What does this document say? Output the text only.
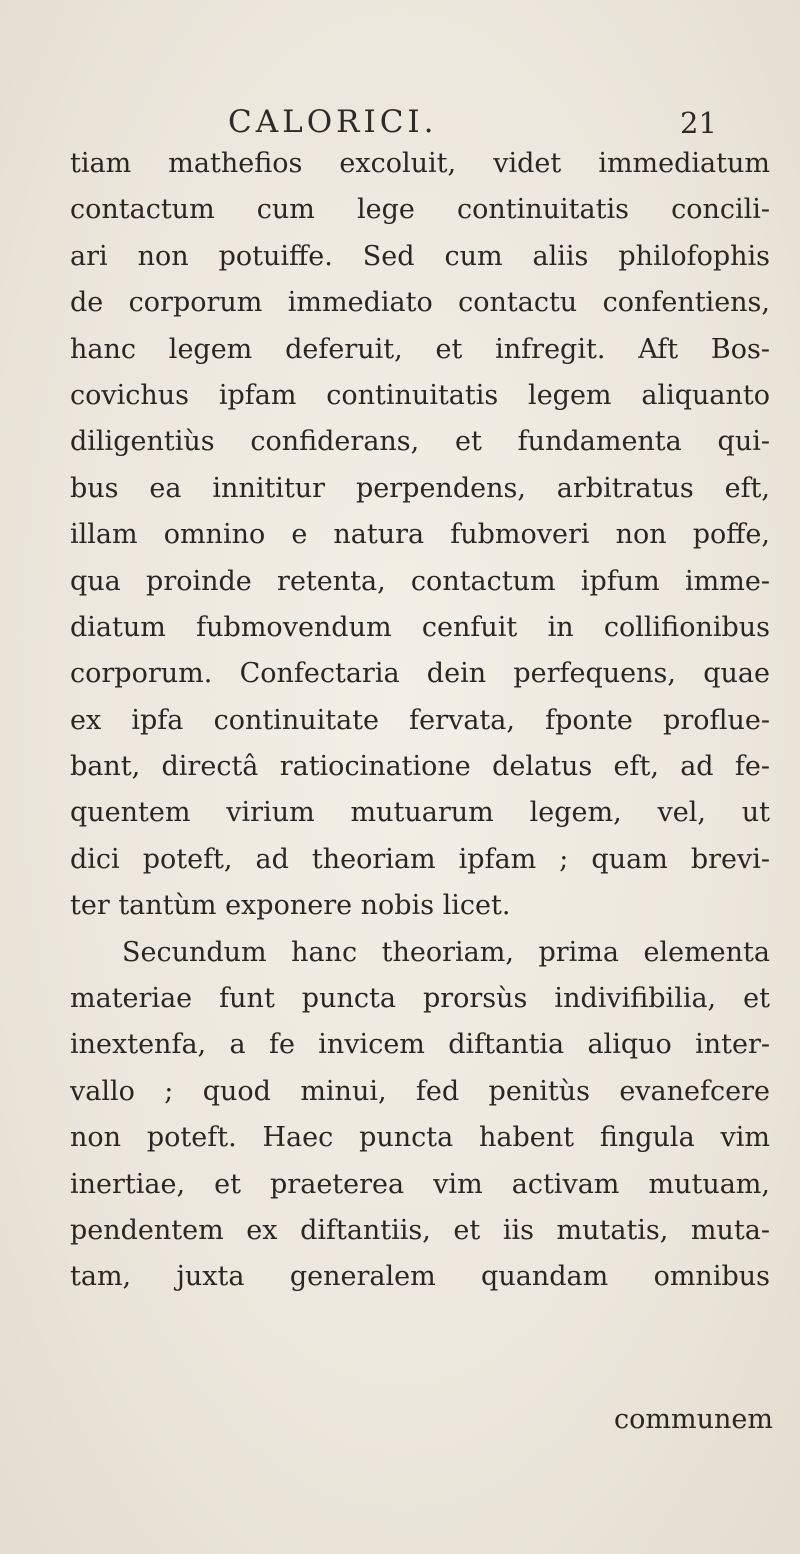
CALORICI.	21
tiam mathefios excoluit, videt immediatum
contactum cum lege continuitatis concili-
ari non potuiffe. Sed cum aliis philofophis
de corporum immediato contactu confentiens,
hanc legem deferuit, et infregit. Aft Bos-
covichus ipfam continuitatis legem aliquanto
diligentiùs confiderans, et fundamenta qui-
bus ea innititur perpendens, arbitratus eft,
illam omnino e natura fubmoveri non poffe,
qua proinde retenta, contactum ipfum imme-
diatum fubmovendum cenfuit in collifionibus
corporum. Confectaria dein perfequens, quae
ex ipfa continuitate fervata, fponte proflue-
bant, directâ ratiocinatione delatus eft, ad fe-
quentem virium mutuarum legem, vel, ut
dici poteft, ad theoriam ipfam ; quam brevi-
ter tantùm exponere nobis licet.
Secundum hanc theoriam, prima elementa
materiae funt puncta prorsùs indivifibilia, et
inextenfa, a fe invicem diftantia aliquo inter-
vallo ; quod minui, fed penitùs evanefcere
non poteft. Haec puncta habent fingula vim
inertiae, et praeterea vim activam mutuam,
pendentem ex diftantiis, et iis mutatis, muta-
tam, juxta generalem quandam omnibus
communem
